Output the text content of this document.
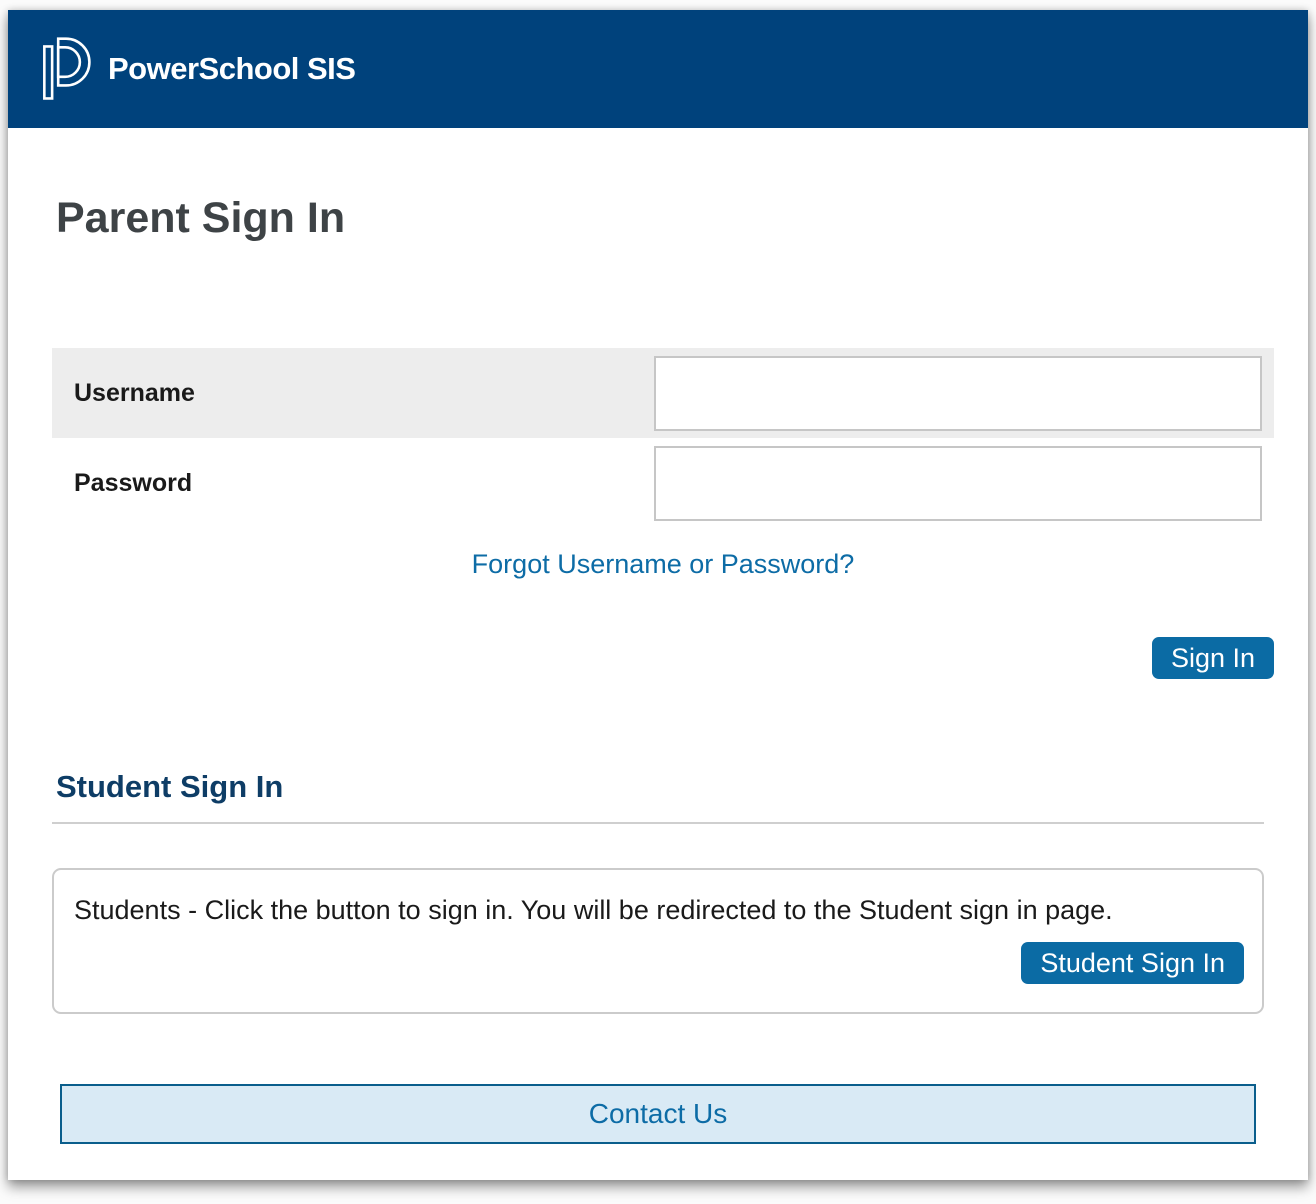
PowerSchool SIS
Parent Sign In
Username
Password
Forgot Username or Password?
Sign In
Student Sign In
Students - Click the button to sign in. You will be redirected to the Student sign in page.
Student Sign In
Contact Us
